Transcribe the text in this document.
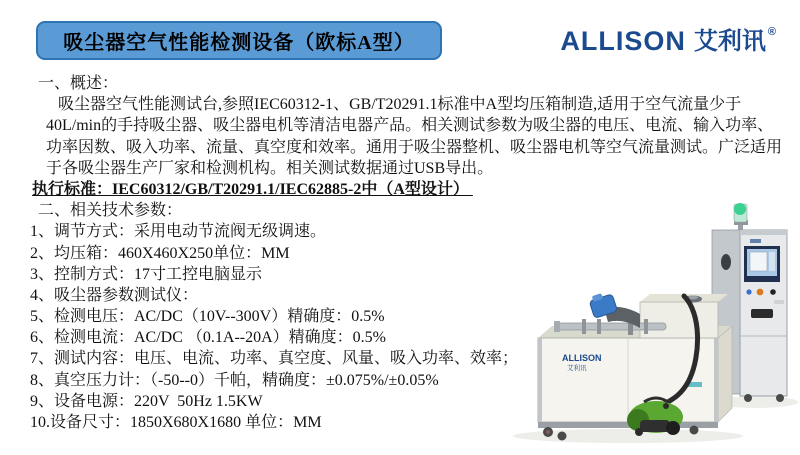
吸尘器空气性能检测设备（欧标A型）	ALLISON 艾利讯 ®
一、概述：
吸尘器空气性能测试台,参照IEC60312-1、GB/T20291.1标准中A型均压箱制造,适用于空气流量少于
40L/min的手持吸尘器、吸尘器电机等清洁电器产品。相关测试参数为吸尘器的电压、电流、输入功率、
功率因数、吸入功率、流量、真空度和效率。通用于吸尘器整机、吸尘器电机等空气流量测试。广泛适用
于各吸尘器生产厂家和检测机构。相关测试数据通过USB导出。
执行标准：IEC60312/GB/T20291.1/IEC62885-2中（A型设计）
二、相关技术参数：
1、调节方式：采用电动节流阀无级调速。
2、均压箱：460X460X250单位：MM
3、控制方式：17寸工控电脑显示
4、吸尘器参数测试仪：
5、检测电压：AC/DC（10V--300V）精确度：0.5%
6、检测电流：AC/DC （0.1A--20A）精确度：0.5%
7、测试内容：电压、电流、功率、真空度、风量、吸入功率、效率；
8、真空压力计：（-50--0）千帕，精确度：±0.075%/±0.05%
9、设备电源：220V  50Hz 1.5KW
10.设备尺寸：1850X680X1680 单位：MM
ALLISON
艾利讯
